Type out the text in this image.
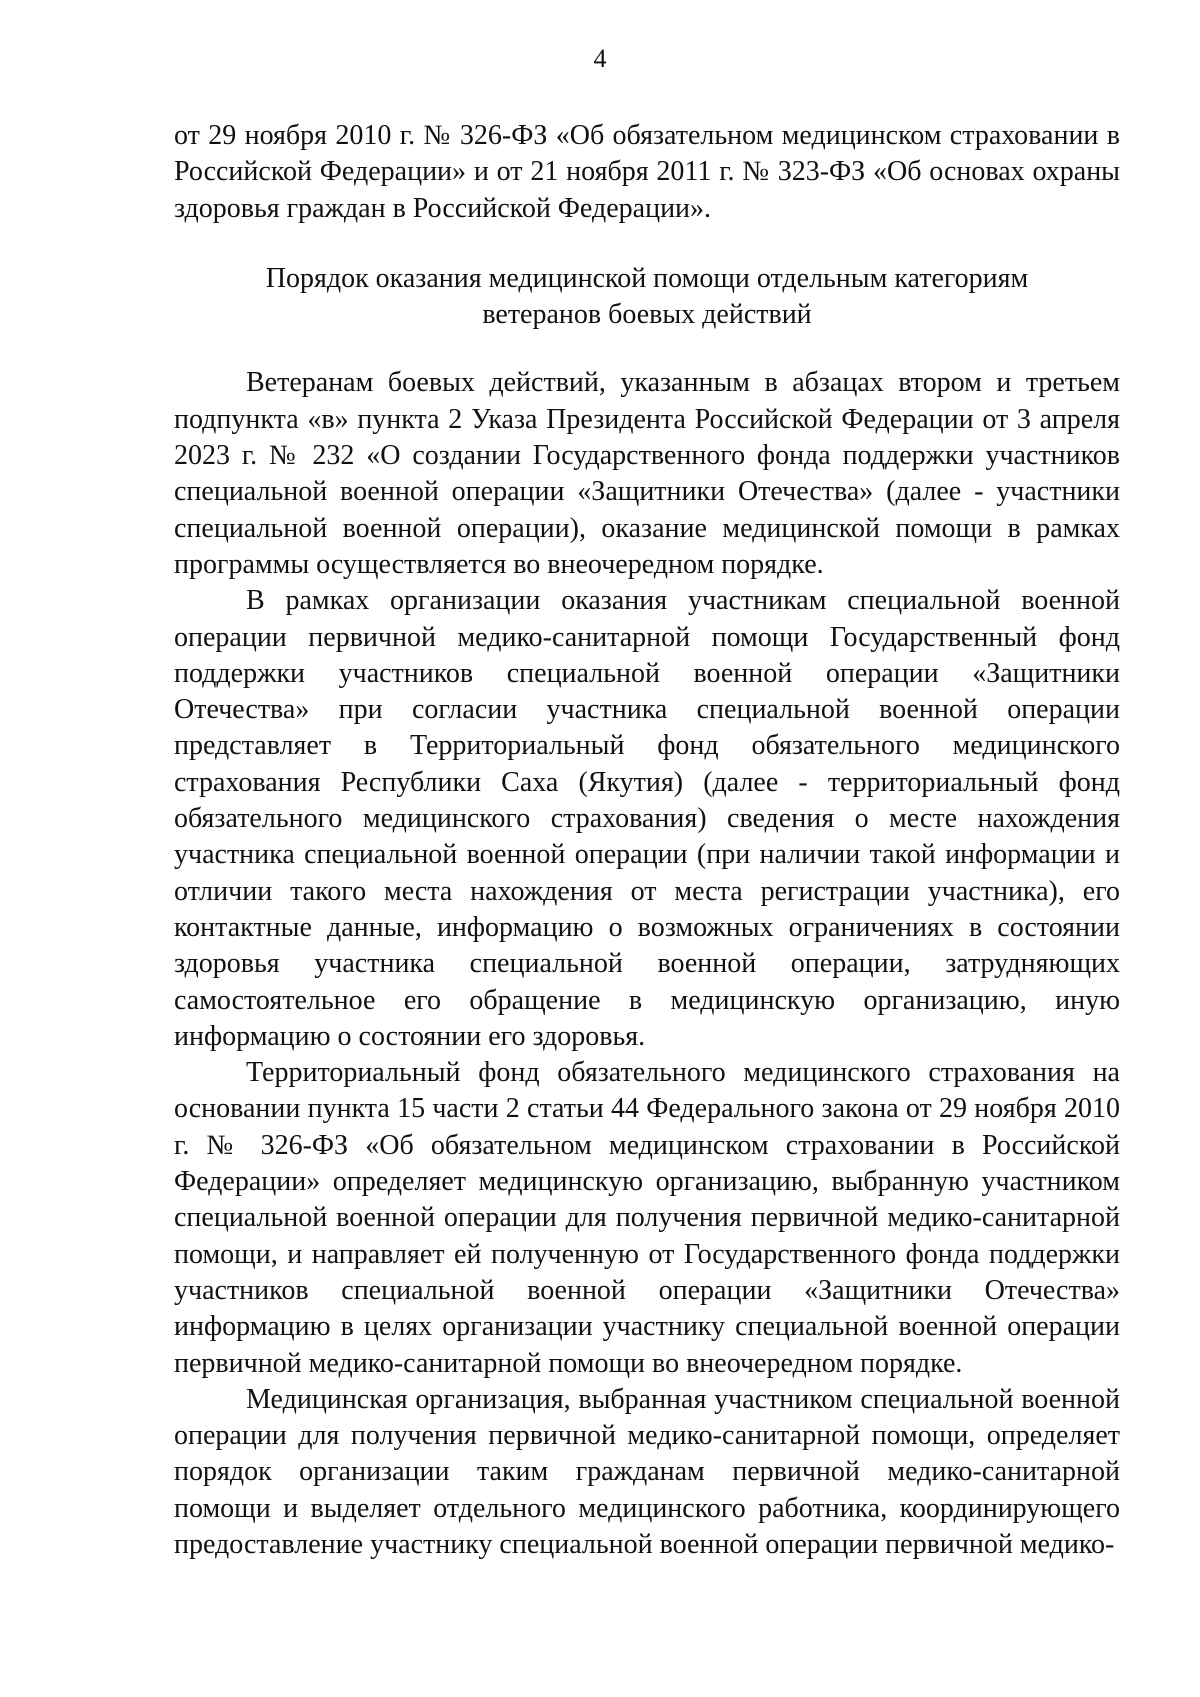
4

от 29 ноября 2010 г. № 326-ФЗ «Об обязательном медицинском страховании в Российской Федерации» и от 21 ноября 2011 г. № 323-ФЗ «Об основах охраны здоровья граждан в Российской Федерации».

Порядок оказания медицинской помощи отдельным категориям
ветеранов боевых действий

Ветеранам боевых действий, указанным в абзацах втором и третьем подпункта «в» пункта 2 Указа Президента Российской Федерации от 3 апреля 2023 г. № 232 «О создании Государственного фонда поддержки участников специальной военной операции «Защитники Отечества» (далее - участники специальной военной операции), оказание медицинской помощи в рамках программы осуществляется во внеочередном порядке.

В рамках организации оказания участникам специальной военной операции первичной медико-санитарной помощи Государственный фонд поддержки участников специальной военной операции «Защитники Отечества» при согласии участника специальной военной операции представляет в Территориальный фонд обязательного медицинского страхования Республики Саха (Якутия) (далее - территориальный фонд обязательного медицинского страхования) сведения о месте нахождения участника специальной военной операции (при наличии такой информации и отличии такого места нахождения от места регистрации участника), его контактные данные, информацию о возможных ограничениях в состоянии здоровья участника специальной военной операции, затрудняющих самостоятельное его обращение в медицинскую организацию, иную информацию о состоянии его здоровья.

Территориальный фонд обязательного медицинского страхования на основании пункта 15 части 2 статьи 44 Федерального закона от 29 ноября 2010 г. № 326-ФЗ «Об обязательном медицинском страховании в Российской Федерации» определяет медицинскую организацию, выбранную участником специальной военной операции для получения первичной медико-санитарной помощи, и направляет ей полученную от Государственного фонда поддержки участников специальной военной операции «Защитники Отечества» информацию в целях организации участнику специальной военной операции первичной медико-санитарной помощи во внеочередном порядке.

Медицинская организация, выбранная участником специальной военной операции для получения первичной медико-санитарной помощи, определяет порядок организации таким гражданам первичной медико-санитарной помощи и выделяет отдельного медицинского работника, координирующего предоставление участнику специальной военной операции первичной медико-
